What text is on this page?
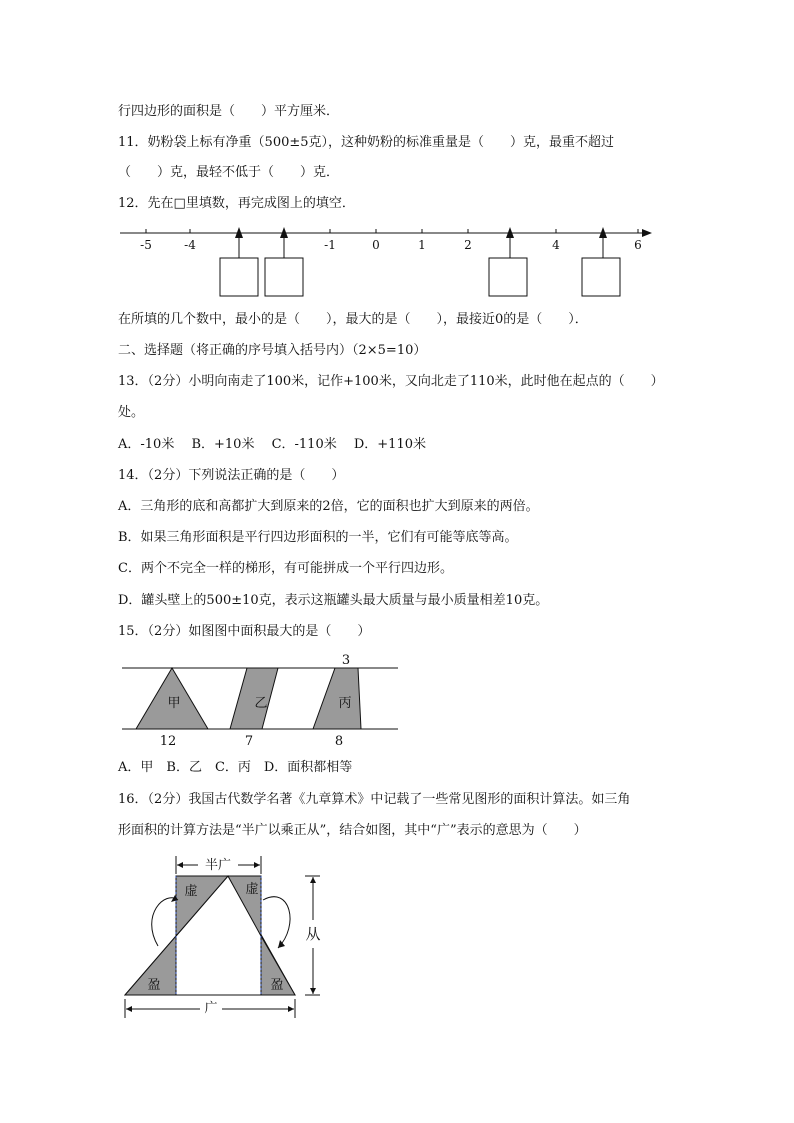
行四边形的面积是（　　）平方厘米．
11．奶粉袋上标有净重（500±5克），这种奶粉的标准重量是（　　）克，最重不超过
（　　）克，最轻不低于（　　）克．
12．先在□里填数，再完成图上的填空．
-5	-4	-1	0	1	2	4	6
在所填的几个数中，最小的是（　　），最大的是（　　），最接近0的是（　　）．
二、选择题（将正确的序号填入括号内）（2×5=10）
13．（2分）小明向南走了100米，记作+100米，又向北走了110米，此时他在起点的（　　）
处。
A．-10米　 B．+10米　 C．-110米　 D．+110米
14．（2分）下列说法正确的是（　　）
A．三角形的底和高都扩大到原来的2倍，它的面积也扩大到原来的两倍。
B．如果三角形面积是平行四边形面积的一半，它们有可能等底等高。
C．两个不完全一样的梯形，有可能拼成一个平行四边形。
D．罐头壁上的500±10克，表示这瓶罐头最大质量与最小质量相差10克。
15．（2分）如图图中面积最大的是（　　）
甲	乙	丙
3
12	7	8
A．甲　B．乙　C．丙　D．面积都相等
16．（2分）我国古代数学名著《九章算术》中记载了一些常见图形的面积计算法。如三角
形面积的计算方法是“半广以乘正从”，结合如图，其中“广”表示的意思为（　　）
半广
虚	虚
盈	盈
从
广
